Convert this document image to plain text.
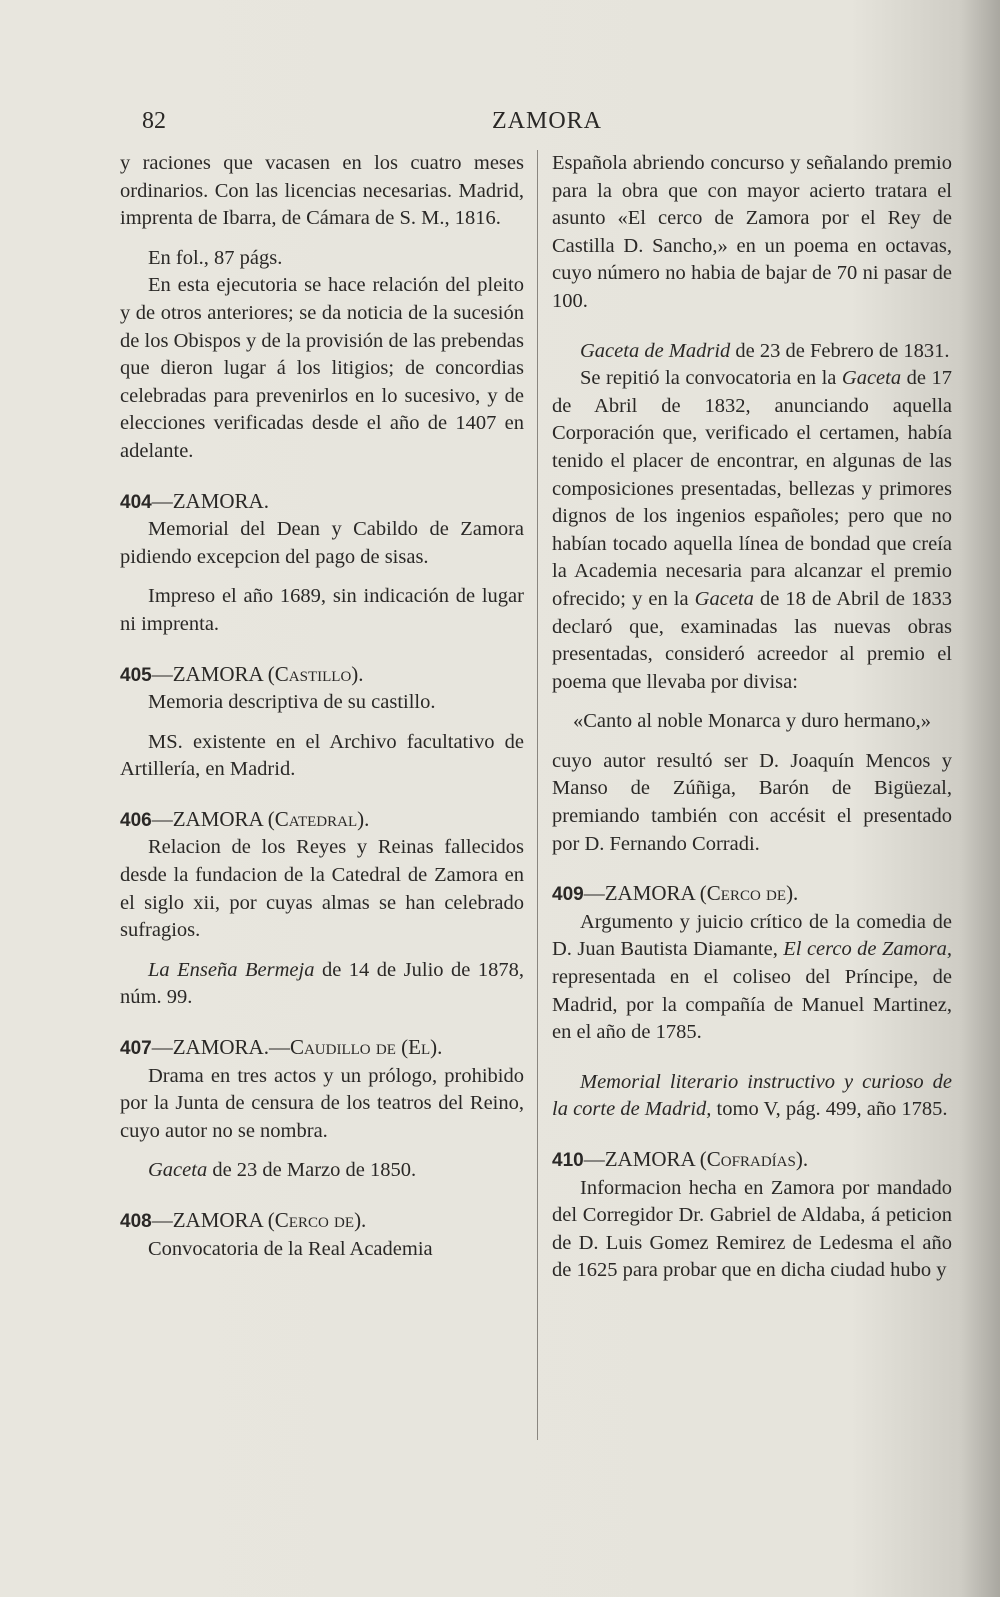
82	ZAMORA

y raciones que vacasen en los cuatro meses ordinarios. Con las licencias necesarias. Madrid, imprenta de Ibarra, de Cámara de S. M., 1816.

En fol., 87 págs.

En esta ejecutoria se hace relación del pleito y de otros anteriores; se da noticia de la sucesión de los Obispos y de la provisión de las prebendas que dieron lugar á los litigios; de concordias celebradas para prevenirlos en lo sucesivo, y de elecciones verificadas desde el año de 1407 en adelante.

404—ZAMORA.

Memorial del Dean y Cabildo de Zamora pidiendo excepcion del pago de sisas.

Impreso el año 1689, sin indicación de lugar ni imprenta.

405—ZAMORA (Castillo).

Memoria descriptiva de su castillo.

MS. existente en el Archivo facultativo de Artillería, en Madrid.

406—ZAMORA (Catedral).

Relacion de los Reyes y Reinas fallecidos desde la fundacion de la Catedral de Zamora en el siglo xii, por cuyas almas se han celebrado sufragios.

La Enseña Bermeja de 14 de Julio de 1878, núm. 99.

407—ZAMORA.—Caudillo de (El).

Drama en tres actos y un prólogo, prohibido por la Junta de censura de los teatros del Reino, cuyo autor no se nombra.

Gaceta de 23 de Marzo de 1850.

408—ZAMORA (Cerco de).

Convocatoria de la Real Academia

Española abriendo concurso y señalando premio para la obra que con mayor acierto tratara el asunto «El cerco de Zamora por el Rey de Castilla D. Sancho,» en un poema en octavas, cuyo número no habia de bajar de 70 ni pasar de 100.

Gaceta de Madrid de 23 de Febrero de 1831.

Se repitió la convocatoria en la Gaceta de 17 de Abril de 1832, anunciando aquella Corporación que, verificado el certamen, había tenido el placer de encontrar, en algunas de las composiciones presentadas, bellezas y primores dignos de los ingenios españoles; pero que no habían tocado aquella línea de bondad que creía la Academia necesaria para alcanzar el premio ofrecido; y en la Gaceta de 18 de Abril de 1833 declaró que, examinadas las nuevas obras presentadas, consideró acreedor al premio el poema que llevaba por divisa:

«Canto al noble Monarca y duro hermano,»

cuyo autor resultó ser D. Joaquín Mencos y Manso de Zúñiga, Barón de Bigüezal, premiando también con accésit el presentado por D. Fernando Corradi.

409—ZAMORA (Cerco de).

Argumento y juicio crítico de la comedia de D. Juan Bautista Diamante, El cerco de Zamora, representada en el coliseo del Príncipe, de Madrid, por la compañía de Manuel Martinez, en el año de 1785.

Memorial literario instructivo y curioso de la corte de Madrid, tomo V, pág. 499, año 1785.

410—ZAMORA (Cofradías).

Informacion hecha en Zamora por mandado del Corregidor Dr. Gabriel de Aldaba, á peticion de D. Luis Gomez Remirez de Ledesma el año de 1625 para probar que en dicha ciudad hubo y
